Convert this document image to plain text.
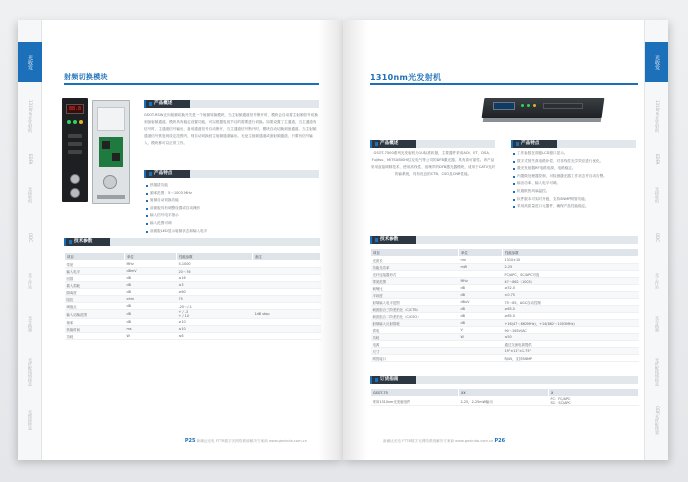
光收发
1310nm光发射机
EDFA
光接收机
ODC
光工作站
光分路器
光纤配线熔接盒
光缆接续盒
射频切换模块
88.8
产品概述
GSOT-RSW正向射频切换开关是一个射频转换模块，当主射频通道信号断开时，模块会自动将主射频信号切换到备射频通道。模块具有稳定设置功能，可以根据电视节目的需要进行切换。如果设置了主通道，当主通道有信号时，主通道信号输出，备用通道信号自动断开，当主通道信号断开时，模块自动切换到备通道，当主射频通道信号恢复到设定范围内，则自动切换回主射频通道输出。无论主射频通道或备射频通道，只要有信号输入，模块都可以正常工作。
产品特点
热插拔功能
频率范围：5～1003 MHz
射频自动切换功能
前面板具有调整设置或自动操作
输入信号电平指示
输入范围可调
前面板LED显示射频状态和输入电平
技术参数
项目	单位	性能参数	备注
带宽	MHz	5-1000	
输入电平	dBmV	20～76	
回损	dB	≤16	
插入损耗	dB	≤3	
隔离度	dB	≥60	
阻抗	ohm	75	
阈值点	dB	-20～/-1	
输入切换范围	dB	+ / -3
+ / 10	1dB step
频率	dB	≥10	
转换时间	ms	≤10	
功耗	W	≤6	
P25 新澜达光电 FTTB数字光网络系统解决方案商 www.gexinda.com.cn
光收发
1310nm光发射机
EDFA
光接收机
ODC
光工作站
光分路器
光纤配线熔接盒
ODF光纤配线架
1310nm光发射机
产品概述
GSOT-7500系列光发射机为1U标准机箱，主要器件采用AOI、ET、DSA、Fujitsu、MITSUBISHI住友电气等公司的DFB激光器，具有高可靠性。该产品采用直接调制技术，使用高线性、低噪声的DFB激光器模块，适用于CATV光纤传输系统，具有优良的CTB、CSO及CNR性能。
产品特点
工作参数在面板LCD窗口显示。
数字式预失真电路补偿，对非线性光学效应进行优化。
激光发射器RF电路电源，电路稳定。
内置微处理器控制，可检测激光器工作状态并自动告警。
输出功率、输入电平可调。
机箱散热风扇温控。
软件版本可实时升级，支持SNMP网管功能。
采用高质量进口元器件，确保产品性能稳定。
技术参数
项目	单位	性能参数
光波长	nm	1310±10
功能光功率	mW	2-25
光纤连接器形式		FC/APC，SC/APC可选
带宽范围	MHz	47～862（1003）
载噪比	dB	≥52.0
平坦度	dB	±0.75
射频输入电平范围	dBuV	75～85，AGC自动控制
载波组合三阶差拍比（C/CTB）	dB	≥65.0
载波组合二阶差拍比（C/CSO）	dB	≥65.0
射频输入反射损耗	dB	+16(47～862MHz)，+14(862～1003MHz)
供电	V	90～265V/AC
功耗	W	≤50
电源		通过交流电源提供
尺寸		19"×11"×1.75"
网管接口		RJ45，支持SNMP
订货指南
GSOT-75	XX	X
采用1310nm光发射组件	2-25，2-25mW输出	FC：FC/APC
SC：SC/APC
新澜达光电 FTTB数字光网络系统解决方案商 www.gexinda.com.cn P26
